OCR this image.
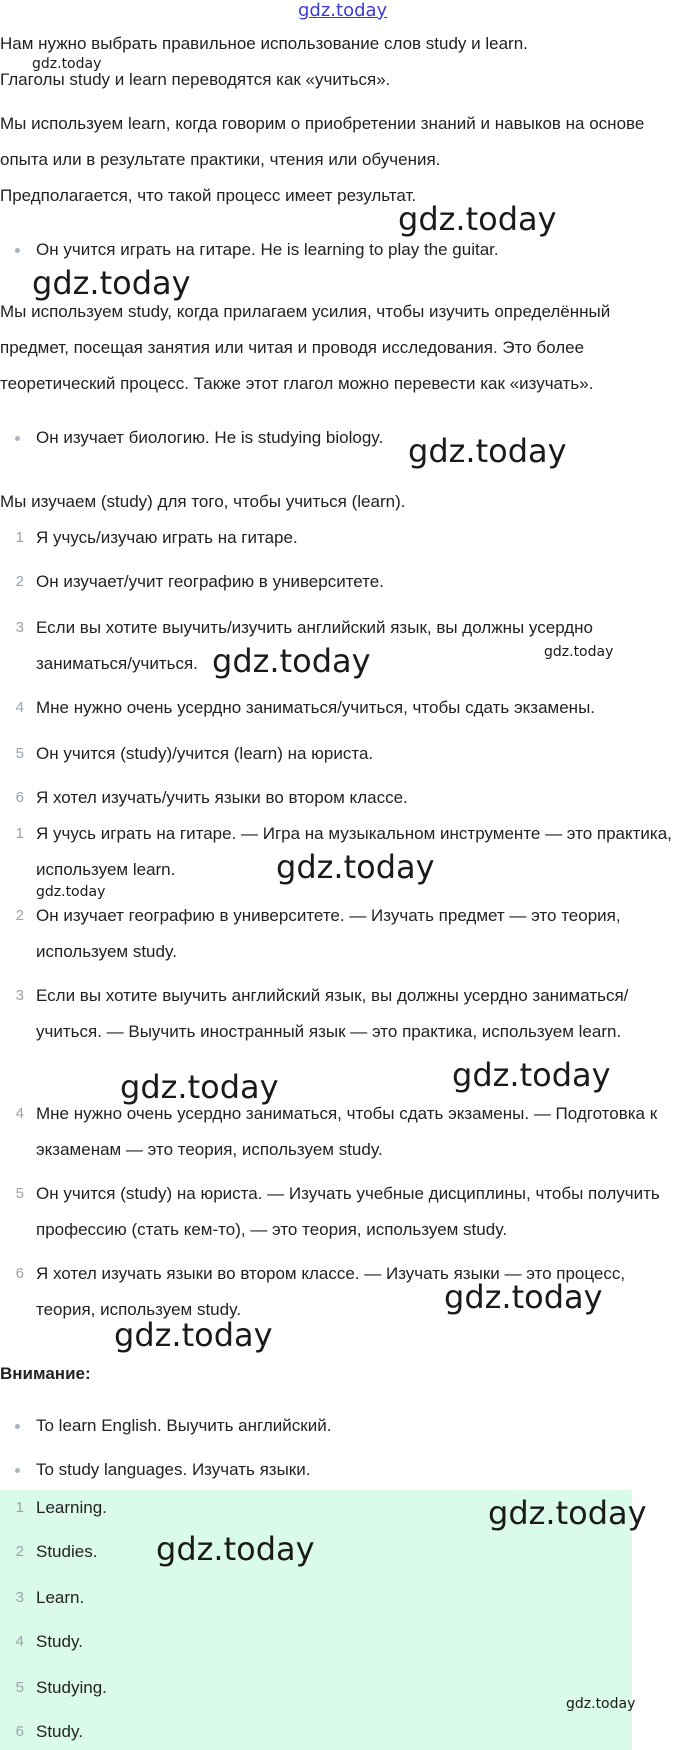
gdz.today

Нам нужно выбрать правильное использование слов study и learn.

gdz.today

Глаголы study и learn переводятся как «учиться».

Мы используем learn, когда говорим о приобретении знаний и навыков на основе опыта или в результате практики, чтения или обучения.

Предполагается, что такой процесс имеет результат.

gdz.today
Он учится играть на гитаре. He is learning to play the guitar.
gdz.today

Мы используем study, когда прилагаем усилия, чтобы изучить определённый предмет, посещая занятия или читая и проводя исследования. Это более теоретический процесс. Также этот глагол можно перевести как «изучать».

Он изучает биологию. He is studying biology. gdz.today

Мы изучаем (study) для того, чтобы учиться (learn).

1 Я учусь/изучаю играть на гитаре.
2 Он изучает/учит географию в университете.
3 Если вы хотите выучить/изучить английский язык, вы должны усердно заниматься/учиться. gdz.today	gdz.today
4 Мне нужно очень усердно заниматься/учиться, чтобы сдать экзамены.
5 Он учится (study)/учится (learn) на юриста.
6 Я хотел изучать/учить языки во втором классе.
1 Я учусь играть на гитаре. — Игра на музыкальном инструменте — это практика, используем learn.	gdz.today
gdz.today
2 Он изучает географию в университете. — Изучать предмет — это теория, используем study.
3 Если вы хотите выучить английский язык, вы должны усердно заниматься/учиться. — Выучить иностранный язык — это практика, используем learn.
gdz.today
gdz.today
4 Мне нужно очень усердно заниматься, чтобы сдать экзамены. — Подготовка к экзаменам — это теория, используем study.
5 Он учится (study) на юриста. — Изучать учебные дисциплины, чтобы получить профессию (стать кем-то), — это теория, используем study.
6 Я хотел изучать языки во втором классе. — Изучать языки — это процесс, теория, используем study.	gdz.today
gdz.today

Внимание:

To learn English. Выучить английский.
To study languages. Изучать языки.
1 Learning.	gdz.today
2 Studies.	gdz.today
3 Learn.
4 Study.
5 Studying.
gdz.today
6 Study.
